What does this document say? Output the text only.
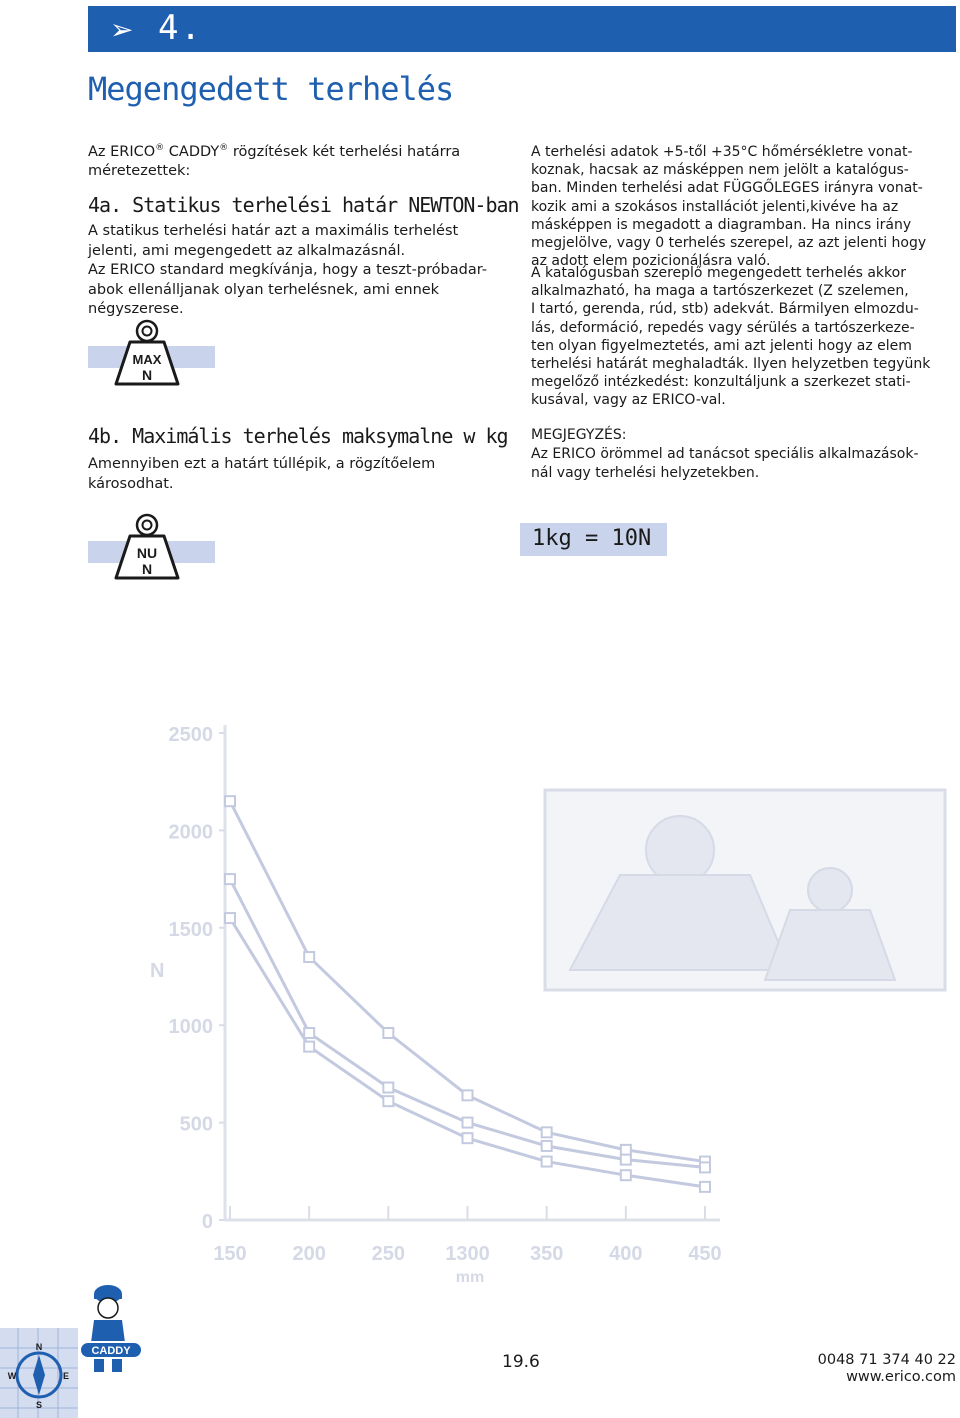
➢ 4.
Megengedett terhelés
Az ERICO® CADDY® rögzítések két terhelési határra
méretezettek:
4a. Statikus terhelési határ NEWTON-ban
A statikus terhelési határ azt a maximális terhelést
jelenti, ami megengedett az alkalmazásnál.
Az ERICO standard megkívánja, hogy a teszt-próbadar-
abok ellenálljanak olyan terhelésnek, ami ennek
négyszerese.
MAX
N
4b. Maximális terhelés maksymalne w kg
Amennyiben ezt a határt túllépik, a rögzítőelem
károsodhat.
NU
N
A terhelési adatok +5-től +35°C hőmérsékletre vonat-
koznak, hacsak az másképpen nem jelölt a katalógus-
ban. Minden terhelési adat FÜGGŐLEGES irányra vonat-
kozik ami a szokásos installációt jelenti,kivéve ha az
másképpen is megadott a diagramban. Ha nincs irány
megjelölve, vagy 0 terhelés szerepel, az azt jelenti hogy
az adott elem pozicionálásra való.
A katalógusban szereplő megengedett terhelés akkor
alkalmazható, ha maga a tartószerkezet (Z szelemen,
I tartó, gerenda, rúd, stb) adekvát. Bármilyen elmozdu-
lás, deformáció, repedés vagy sérülés a tartószerkeze-
ten olyan figyelmeztetés, ami azt jelenti hogy az elem
terhelési határát meghaladták. Ilyen helyzetben tegyünk
megelőző intézkedést: konzultáljunk a szerkezet stati-
kusával, vagy az ERICO-val.
MEGJEGYZÉS:
Az ERICO örömmel ad tanácsot speciális alkalmazások-
nál vagy terhelési helyzetekben.
1kg = 10N
0
500
1000
1500
2000
2500
150 200 250 1300 350 400 450
N
mm
N
W	E
S
CADDY
19.6	0048 71 374 40 22
www.erico.com
